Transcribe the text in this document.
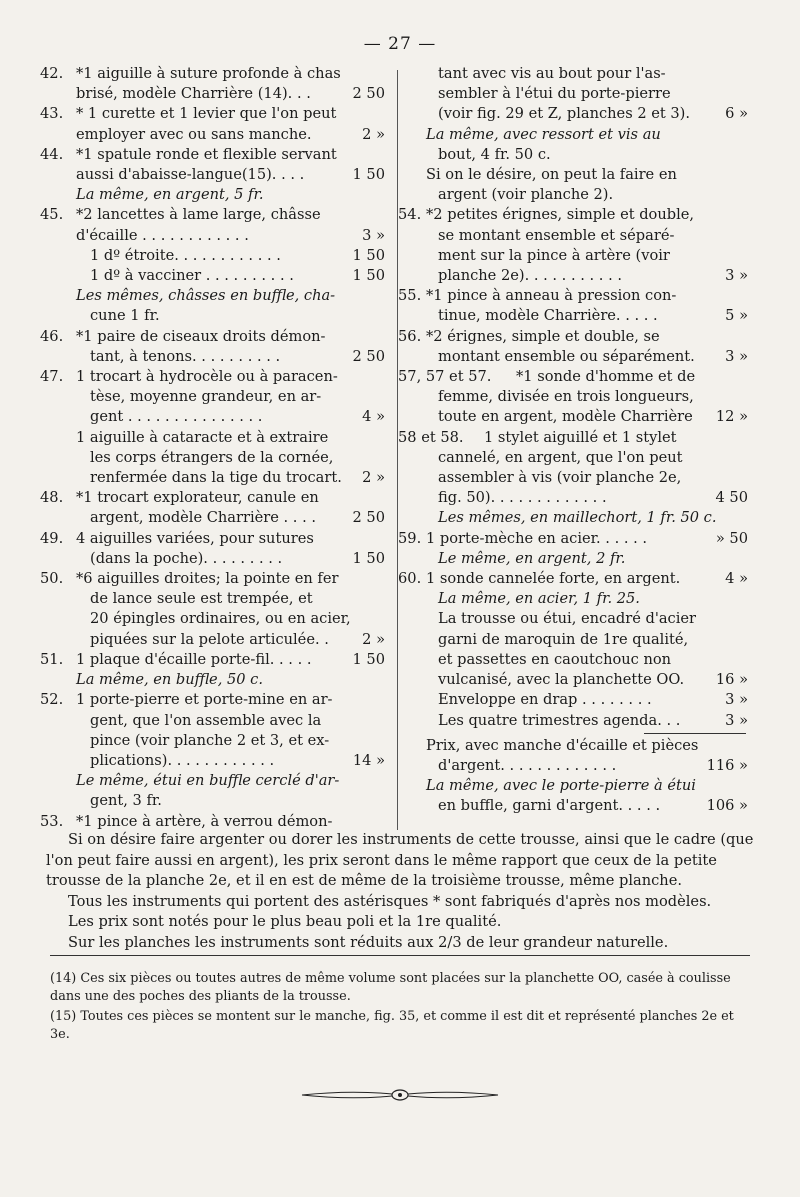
— 27 —
42. *1 aiguille à suture profonde à chas
brisé, modèle Charrière (14). . .	2 50
43. * 1 curette et 1 levier que l'on peut
employer avec ou sans manche.	2 »
44. *1 spatule ronde et flexible servant
aussi d'abaisse-langue(15). . . .	1 50
La même, en argent, 5 fr.
45. *2 lancettes à lame large, châsse
d'écaille . . . . . . . . . . . .	3 »
1 dº étroite. . . . . . . . . . . .	1 50
1 dº à vacciner . . . . . . . . . .	1 50
Les mêmes, châsses en buffle, cha-
cune 1 fr.
46. *1 paire de ciseaux droits démon-
tant, à tenons. . . . . . . . . .	2 50
47. 1 trocart à hydrocèle ou à paracen-
tèse, moyenne grandeur, en ar-
gent . . . . . . . . . . . . . . .	4 »
1 aiguille à cataracte et à extraire
les corps étrangers de la cornée,
renfermée dans la tige du trocart. 2 »
48. *1 trocart explorateur, canule en
argent, modèle Charrière . . . .	2 50
49. 4 aiguilles variées, pour sutures
(dans la poche). . . . . . . . .	1 50
50. *6 aiguilles droites; la pointe en fer
de lance seule est trempée, et
20 épingles ordinaires, ou en acier,
piquées sur la pelote articulée. . 2 »
51. 1 plaque d'écaille porte-fil. . . . .	1 50
La même, en buffle, 50 c.
52. 1 porte-pierre et porte-mine en ar-
gent, que l'on assemble avec la
pince (voir planche 2 et 3, et ex-
plications). . . . . . . . . . . .	14 »
Le même, étui en buffle cerclé d'ar-
gent, 3 fr.
53. *1 pince à artère, à verrou démon-
tant avec vis au bout pour l'as-
sembler à l'étui du porte-pierre
(voir fig. 29 et Z, planches 2 et 3). 6 »
La même, avec ressort et vis au
bout, 4 fr. 50 c.
Si on le désire, on peut la faire en
argent (voir planche 2).
54. *2 petites érignes, simple et double,
se montant ensemble et séparé-
ment sur la pince à artère (voir
planche 2e). . . . . . . . . . .	3 »
55. *1 pince à anneau à pression con-
tinue, modèle Charrière. . . . .	5 »
56. *2 érignes, simple et double, se
montant ensemble ou séparément. 3 »
57, 57 et 57.	*1 sonde d'homme et de
femme, divisée en trois longueurs,
toute en argent, modèle Charrière 12 »
58 et 58.	1 stylet aiguillé et 1 stylet
cannelé, en argent, que l'on peut
assembler à vis (voir planche 2e,
fig. 50). . . . . . . . . . . . .	4 50
Les mêmes, en maillechort, 1 fr. 50 c.
59. 1 porte-mèche en acier. . . . . .	» 50
Le même, en argent, 2 fr.
60. 1 sonde cannelée forte, en argent.	4 »
La même, en acier, 1 fr. 25.
La trousse ou étui, encadré d'acier
garni de maroquin de 1re qualité,
et passettes en caoutchouc non
vulcanisé, avec la planchette OO. 16 »
Enveloppe en drap . . . . . . . .	3 »
Les quatre trimestres agenda. . .	3 »
Prix, avec manche d'écaille et pièces
d'argent. . . . . . . . . . . . .	116 »
La même, avec le porte-pierre à étui
en buffle, garni d'argent. . . . .	106 »

Si on désire faire argenter ou dorer les instruments de cette trousse, ainsi que le cadre (que l'on peut faire aussi en argent), les prix seront dans le même rapport que ceux de la petite trousse de la planche 2e, et il en est de même de la troisième trousse, même planche.

Tous les instruments qui portent des astérisques * sont fabriqués d'après nos modèles.

Les prix sont notés pour le plus beau poli et la 1re qualité.

Sur les planches les instruments sont réduits aux 2/3 de leur grandeur naturelle.

(14) Ces six pièces ou toutes autres de même volume sont placées sur la planchette OO, casée à coulisse dans une des poches des pliants de la trousse.

(15) Toutes ces pièces se montent sur le manche, fig. 35, et comme il est dit et représenté planches 2e et 3e.
